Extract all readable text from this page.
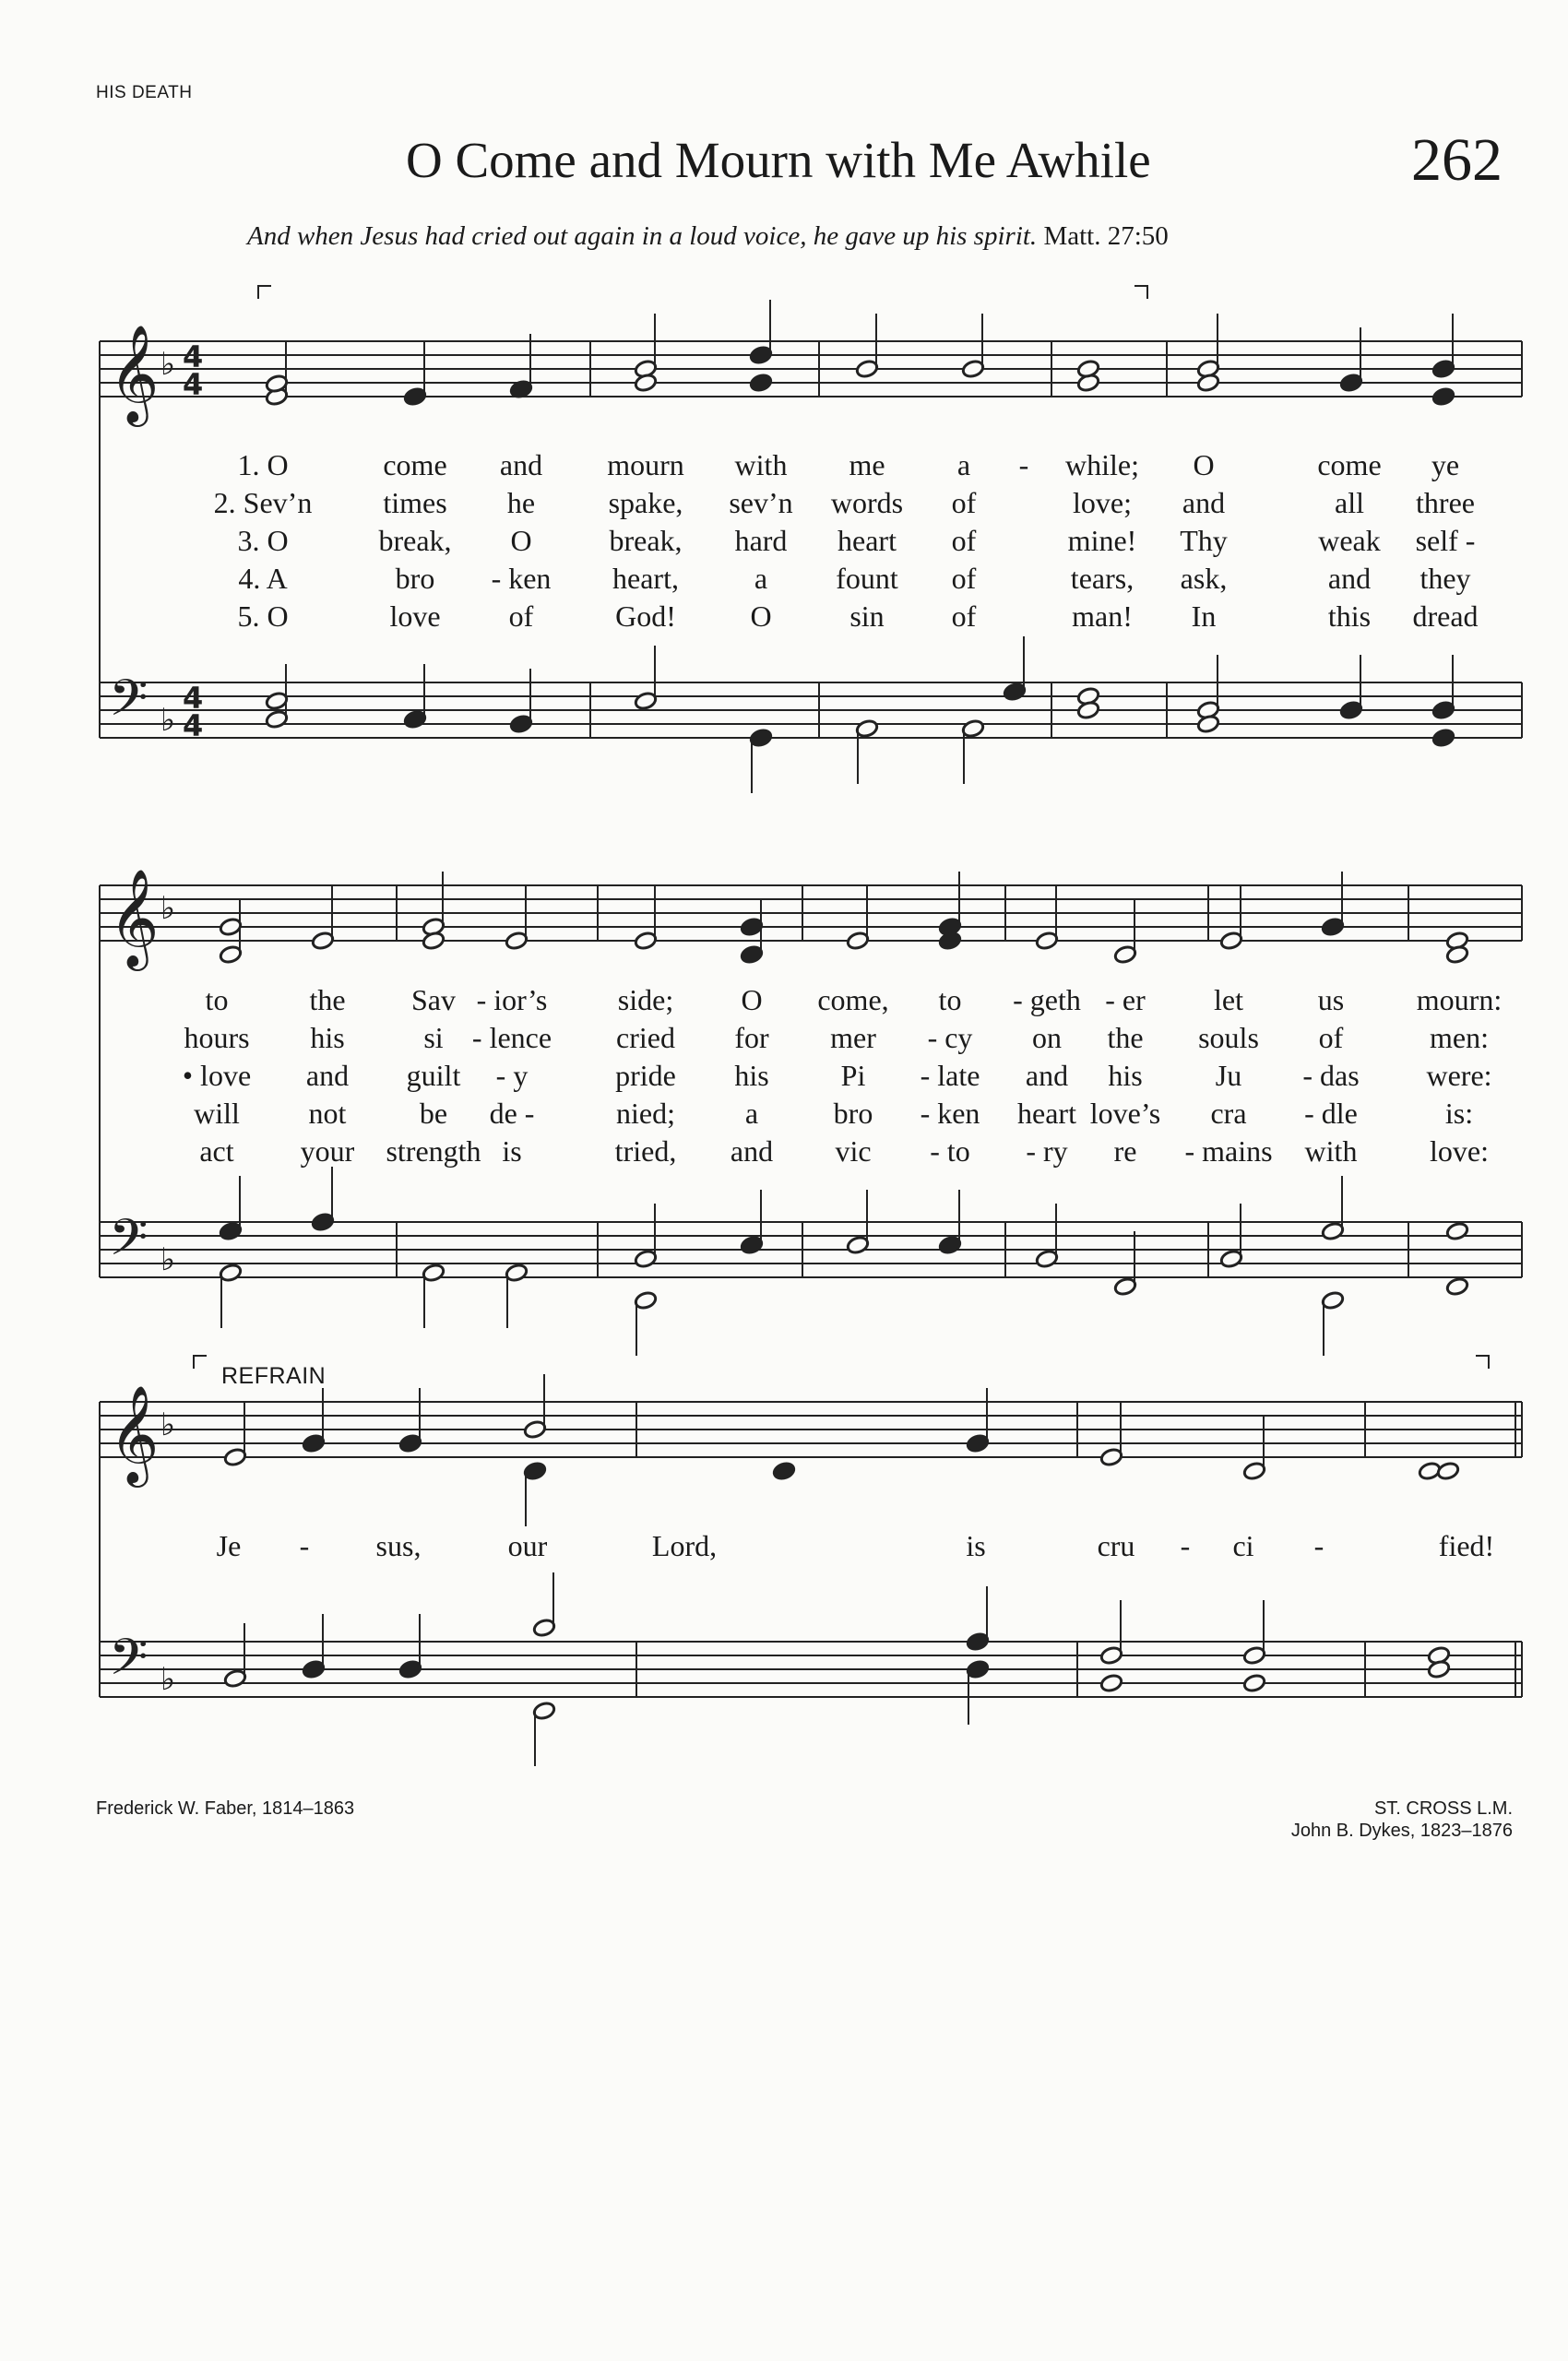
HIS DEATH
O Come and Mourn with Me Awhile	262
And when Jesus had cried out again in a loud voice, he gave up his spirit. Matt. 27:50
𝄞
𝄢
♭
♭
4
4
4
4
𝄞
𝄢
♭
♭
𝄞
𝄢
♭
♭
1. O	come and mourn with me a - while; O	come ye
2. Sev’n times he spake, sev’n words of	love; and	all three
3. O	break, O	break, hard heart of	mine! Thy	weak self -
4. A	bro - ken heart,	a fount of	tears, ask,	and they
5. O	love of	God!	O	sin of	man! In	this dread
to	the Sav - ior’s side; O come, to - geth - er let	us mourn:
hours his	si - lence cried for mer - cy on the souls of	men:
• love and guilt - y	pride his Pi - late and his Ju - das were:
will not be de -	nied; a	bro - ken heart love’s cra - dle	is:
act your strength is	tried, and vic - to - ry re - mains with love:
REFRAIN
Je - sus,	our	Lord,	is	cru - ci -	fied!
Frederick W. Faber, 1814–1863	ST. CROSS L.M.
John B. Dykes, 1823–1876
